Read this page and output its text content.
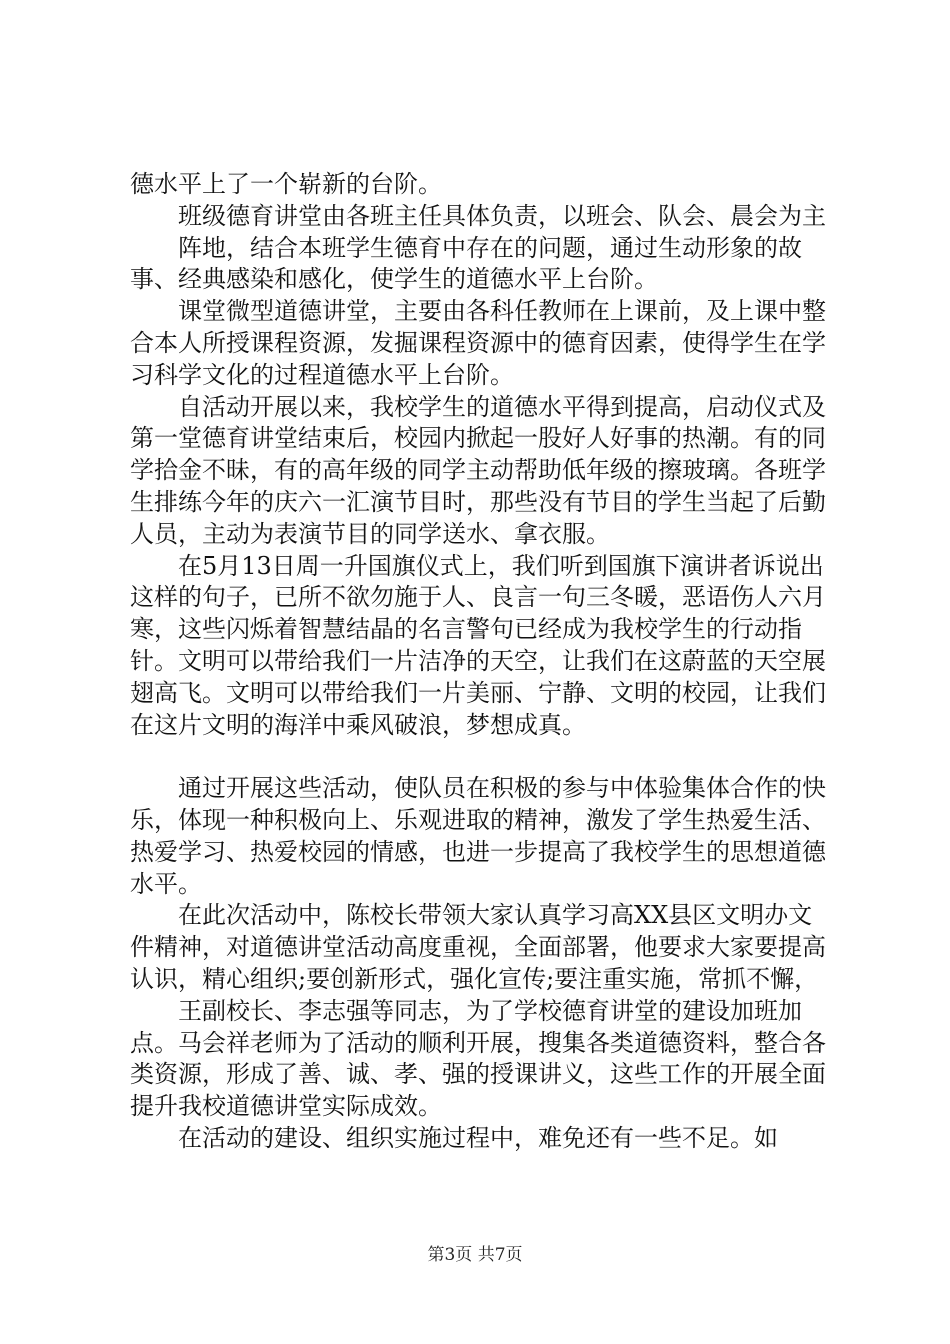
德水平上了一个崭新的台阶。

班级德育讲堂由各班主任具体负责，以班会、队会、晨会为主

阵地，结合本班学生德育中存在的问题，通过生动形象的故事、经典感染和感化，使学生的道德水平上台阶。

课堂微型道德讲堂，主要由各科任教师在上课前，及上课中整合本人所授课程资源，发掘课程资源中的德育因素，使得学生在学习科学文化的过程道德水平上台阶。

自活动开展以来，我校学生的道德水平得到提高，启动仪式及第一堂德育讲堂结束后，校园内掀起一股好人好事的热潮。有的同学拾金不昧，有的高年级的同学主动帮助低年级的擦玻璃。各班学生排练今年的庆六一汇演节目时，那些没有节目的学生当起了后勤人员，主动为表演节目的同学送水、拿衣服。

在5月13日周一升国旗仪式上，我们听到国旗下演讲者诉说出这样的句子，已所不欲勿施于人、良言一句三冬暖，恶语伤人六月寒，这些闪烁着智慧结晶的名言警句已经成为我校学生的行动指针。文明可以带给我们一片洁净的天空，让我们在这蔚蓝的天空展翅高飞。文明可以带给我们一片美丽、宁静、文明的校园，让我们在这片文明的海洋中乘风破浪，梦想成真。

通过开展这些活动，使队员在积极的参与中体验集体合作的快乐，体现一种积极向上、乐观进取的精神，激发了学生热爱生活、热爱学习、热爱校园的情感，也进一步提高了我校学生的思想道德水平。

在此次活动中，陈校长带领大家认真学习高XX县区文明办文件精神，对道德讲堂活动高度重视，全面部署，他要求大家要提高认识，精心组织;要创新形式，强化宣传;要注重实施，常抓不懈，

王副校长、李志强等同志，为了学校德育讲堂的建设加班加点。马会祥老师为了活动的顺利开展，搜集各类道德资料，整合各类资源，形成了善、诚、孝、强的授课讲义，这些工作的开展全面提升我校道德讲堂实际成效。

在活动的建设、组织实施过程中，难免还有一些不足。如

第3页 共7页
